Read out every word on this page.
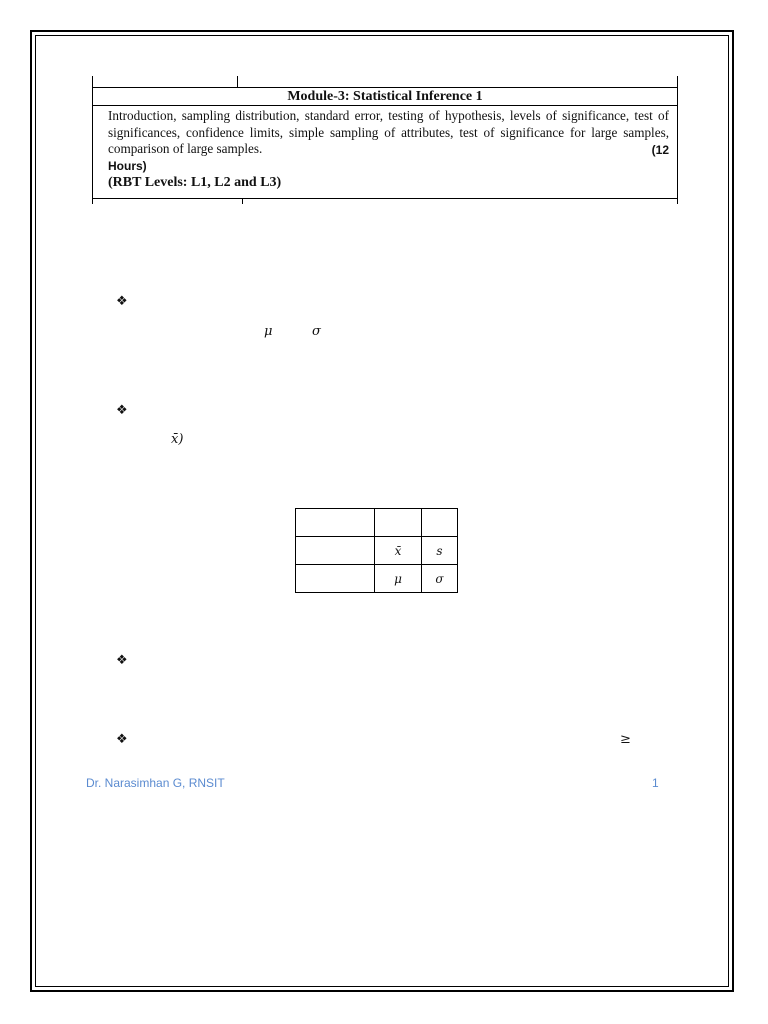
Module-3: Statistical Inference 1
Introduction, sampling distribution, standard error, testing of hypothesis, levels of significance, test of significances, confidence limits, simple sampling of attributes, test of significance for large samples, comparison of large samples.	(12
Hours)
(RBT Levels: L1, L2 and L3)
❖
μ	σ
❖
x̄)

	x̄	s
	μ	σ
❖
❖	≥
Dr. Narasimhan G, RNSIT	1
